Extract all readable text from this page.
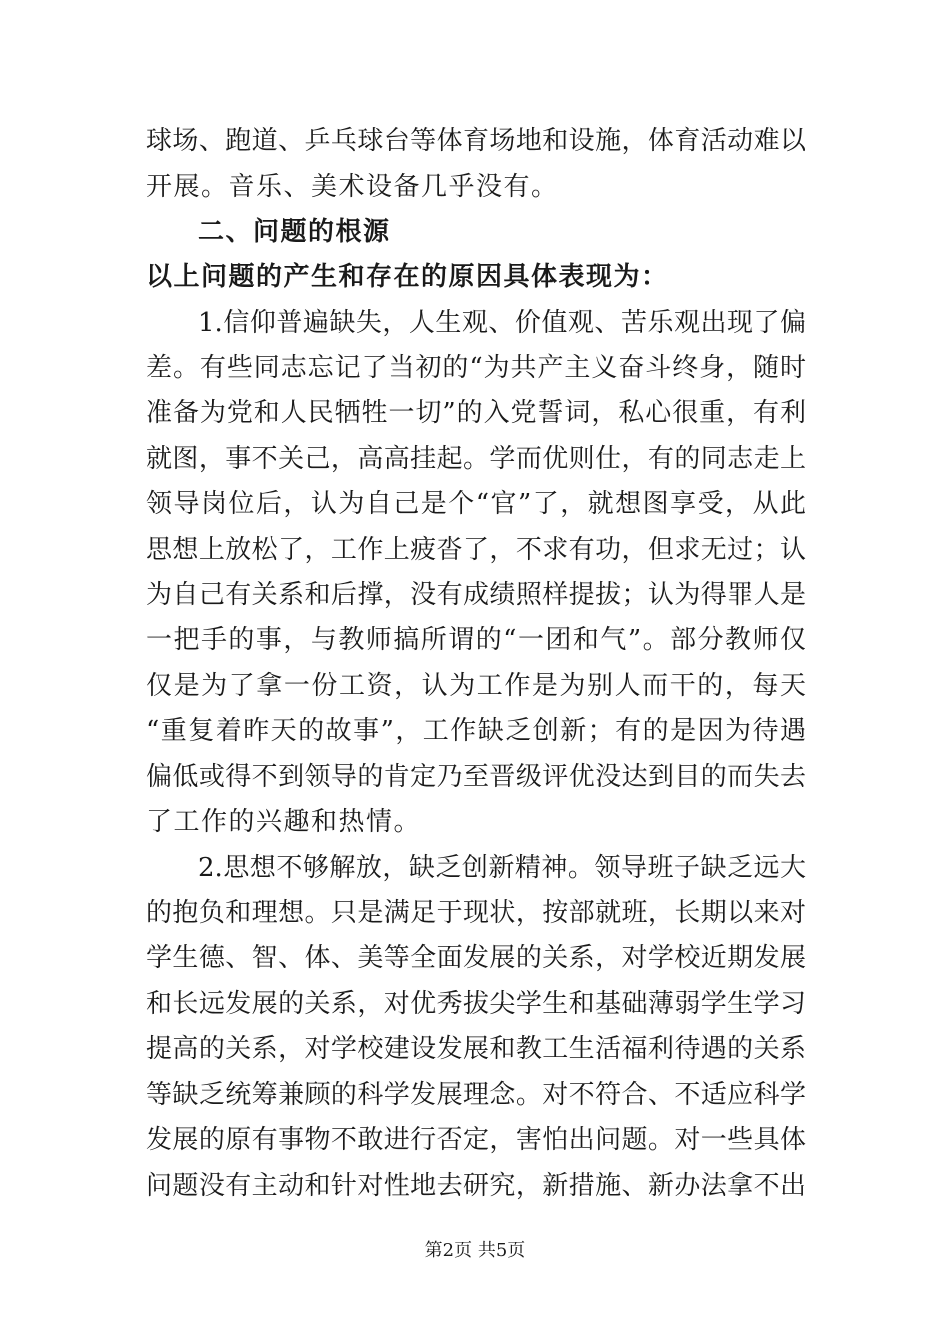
球场、跑道、乒乓球台等体育场地和设施，体育活动难以
开展。音乐、美术设备几乎没有。
二、问题的根源
以上问题的产生和存在的原因具体表现为：
1.信仰普遍缺失，人生观、价值观、苦乐观出现了偏
差。有些同志忘记了当初的“为共产主义奋斗终身，随时
准备为党和人民牺牲一切”的入党誓词，私心很重，有利
就图，事不关己，高高挂起。学而优则仕，有的同志走上
领导岗位后，认为自己是个“官”了，就想图享受，从此
思想上放松了，工作上疲沓了，不求有功，但求无过；认
为自己有关系和后撑，没有成绩照样提拔；认为得罪人是
一把手的事，与教师搞所谓的“一团和气”。部分教师仅
仅是为了拿一份工资，认为工作是为别人而干的，每天
“重复着昨天的故事”，工作缺乏创新；有的是因为待遇
偏低或得不到领导的肯定乃至晋级评优没达到目的而失去
了工作的兴趣和热情。
2.思想不够解放，缺乏创新精神。领导班子缺乏远大
的抱负和理想。只是满足于现状，按部就班，长期以来对
学生德、智、体、美等全面发展的关系，对学校近期发展
和长远发展的关系，对优秀拔尖学生和基础薄弱学生学习
提高的关系，对学校建设发展和教工生活福利待遇的关系
等缺乏统筹兼顾的科学发展理念。对不符合、不适应科学
发展的原有事物不敢进行否定，害怕出问题。对一些具体
问题没有主动和针对性地去研究，新措施、新办法拿不出
第2页 共5页
